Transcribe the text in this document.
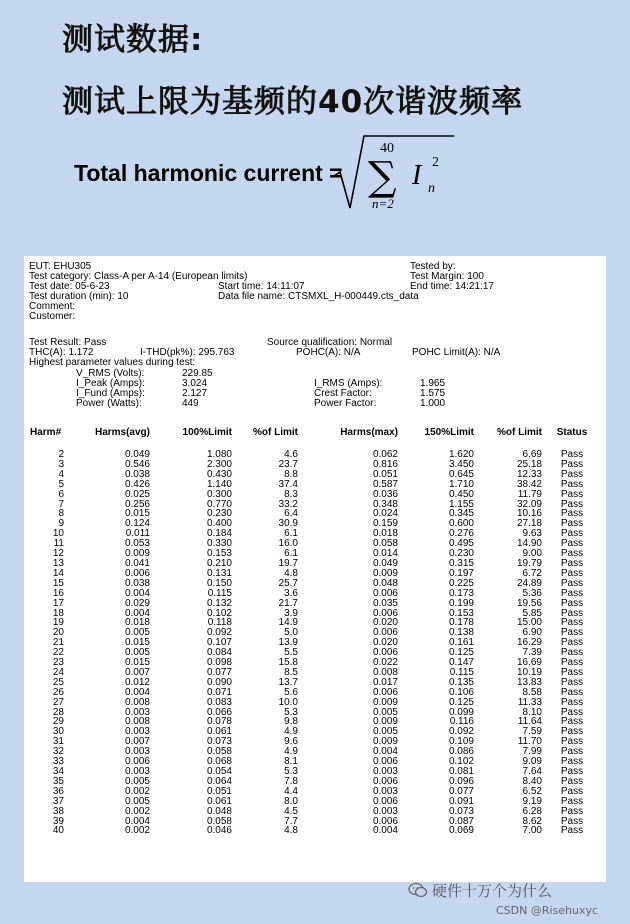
测试数据:
测试上限为基频的40次谐波频率
Total harmonic current =
40
∑
n=2
I 2
n
EUT: EHU305	Tested by:
Test category: Class-A per A-14 (European limits)	Test Margin: 100
Test date: 05-6-23	Start time: 14:11:07	End time: 14:21:17
Test duration (min): 10	Data file name: CTSMXL_H-000449.cts_data
Comment:
Customer:
Test Result: Pass	Source qualification: Normal
THC(A): 1.172	I-THD(pk%): 295.763	POHC(A): N/A	POHC Limit(A): N/A
Highest parameter values during test:
V_RMS (Volts):	229.85
I_Peak (Amps):	3.024
I_Fund (Amps):	2.127
Power (Watts):	449
I_RMS (Amps):	1.965
Crest Factor:	1.575
Power Factor:	1.000
Harm#	Harms(avg)	100%Limit	%of Limit	Harms(max)	150%Limit	%of Limit	Status

2	0.049	1.080	4.6	0.062	1.620	6.69	Pass
3	0.546	2.300	23.7	0.816	3.450	25.18	Pass
4	0.038	0.430	8.8	0.051	0.645	12.33	Pass
5	0.426	1.140	37.4	0.587	1.710	38.42	Pass
6	0.025	0.300	8.3	0.036	0.450	11.79	Pass
7	0.256	0.770	33.2	0.348	1.155	32.09	Pass
8	0.015	0.230	6.4	0.024	0.345	10.16	Pass
9	0.124	0.400	30.9	0.159	0.600	27.18	Pass
10	0.011	0.184	6.1	0.018	0.276	9.63	Pass
11	0.053	0.330	16.0	0.058	0.495	14.90	Pass
12	0.009	0.153	6.1	0.014	0.230	9.00	Pass
13	0.041	0.210	19.7	0.049	0.315	19.79	Pass
14	0.006	0.131	4.8	0.009	0.197	6.72	Pass
15	0.038	0.150	25.7	0.048	0.225	24.89	Pass
16	0.004	0.115	3.6	0.006	0.173	5.36	Pass
17	0.029	0.132	21.7	0.035	0.199	19.56	Pass
18	0.004	0.102	3.9	0.006	0.153	5.85	Pass
19	0.018	0.118	14.9	0.020	0.178	15.00	Pass
20	0.005	0.092	5.0	0.006	0.138	6.90	Pass
21	0.015	0.107	13.9	0.020	0.161	16.29	Pass
22	0.005	0.084	5.5	0.006	0.125	7.39	Pass
23	0.015	0.098	15.8	0.022	0.147	16.69	Pass
24	0.007	0.077	8.5	0.008	0.115	10.19	Pass
25	0.012	0.090	13.7	0.017	0.135	13.83	Pass
26	0.004	0.071	5.6	0.006	0.106	8.58	Pass
27	0.008	0.083	10.0	0.009	0.125	11.33	Pass
28	0.003	0.066	5.3	0.005	0.099	8.10	Pass
29	0.008	0.078	9.8	0.009	0.116	11.64	Pass
30	0.003	0.061	4.9	0.005	0.092	7.59	Pass
31	0.007	0.073	9.6	0.009	0.109	11.70	Pass
32	0.003	0.058	4.9	0.004	0.086	7.99	Pass
33	0.006	0.068	8.1	0.006	0.102	9.09	Pass
34	0.003	0.054	5.3	0.003	0.081	7.64	Pass
35	0.005	0.064	7.8	0.006	0.096	8.40	Pass
36	0.002	0.051	4.4	0.003	0.077	6.52	Pass
37	0.005	0.061	8.0	0.006	0.091	9.19	Pass
38	0.002	0.048	4.5	0.003	0.073	6.28	Pass
39	0.004	0.058	7.7	0.006	0.087	8.62	Pass
40	0.002	0.046	4.8	0.004	0.069	7.00	Pass
硬件十万个为什么
CSDN @Risehuxyc
